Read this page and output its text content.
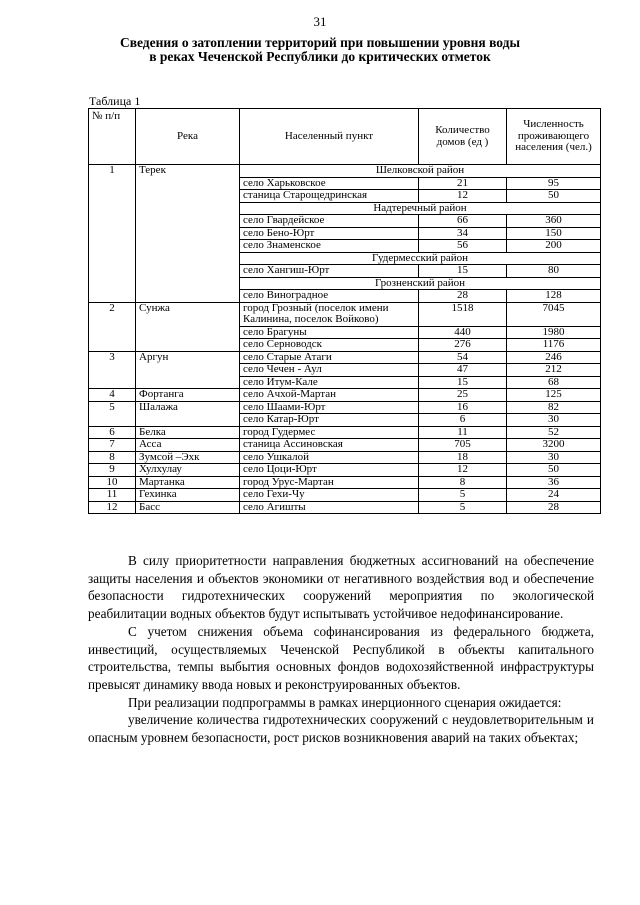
31
Сведения о затоплении территорий при повышении уровня воды
в реках Чеченской Республики до критических отметок
Таблица 1
№ п/п	Река	Населенный пункт	Количество домов (ед )	Численность проживающего населения (чел.)
1	Терек	Шелковской район		
		село Харьковское	21	95
		станица Старощедринская	12	50
		Надтеречный район		
		село Гвардейское	66	360
		село Бено-Юрт	34	150
		село Знаменское	56	200
		Гудермесский район		
		село Хангиш-Юрт	15	80
		Грозненский район		
		село Виноградное	28	128
2	Сунжа	город Грозный (поселок имени Калинина, поселок Войково)	1518	7045
		село Брагуны	440	1980
		село Серноводск	276	1176
3	Аргун	село Старые Атаги	54	246
		село Чечен - Аул	47	212
		село Итум-Кале	15	68
4	Фортанга	село Ачхой-Мартан	25	125
5	Шалажа	село Шаами-Юрт	16	82
		село Катар-Юрт	6	30
6	Белка	город Гудермес	11	52
7	Асса	станица Ассиновская	705	3200
8	Зумсой –Эхк	село Ушкалой	18	30
9	Хулхулау	село Цоци-Юрт	12	50
10	Мартанка	город Урус-Мартан	8	36
11	Гехинка	село Гехи-Чу	5	24
12	Басс	село Агишты	5	28

В силу приоритетности направления бюджетных ассигнований на обеспечение защиты населения и объектов экономики от негативного воздействия вод и обеспечение безопасности гидротехнических сооружений мероприятия по экологической реабилитации водных объектов будут испытывать устойчивое недофинансирование.

С учетом снижения объема софинансирования из федерального бюджета, инвестиций, осуществляемых Чеченской Республикой в объекты капитального строительства, темпы выбытия основных фондов водохозяйственной инфраструктуры превысят динамику ввода новых и реконструированных объектов.

При реализации подпрограммы в рамках инерционного сценария ожидается:

увеличение количества гидротехнических сооружений с неудовлетворительным и опасным уровнем безопасности, рост рисков возникновения аварий на таких объектах;
